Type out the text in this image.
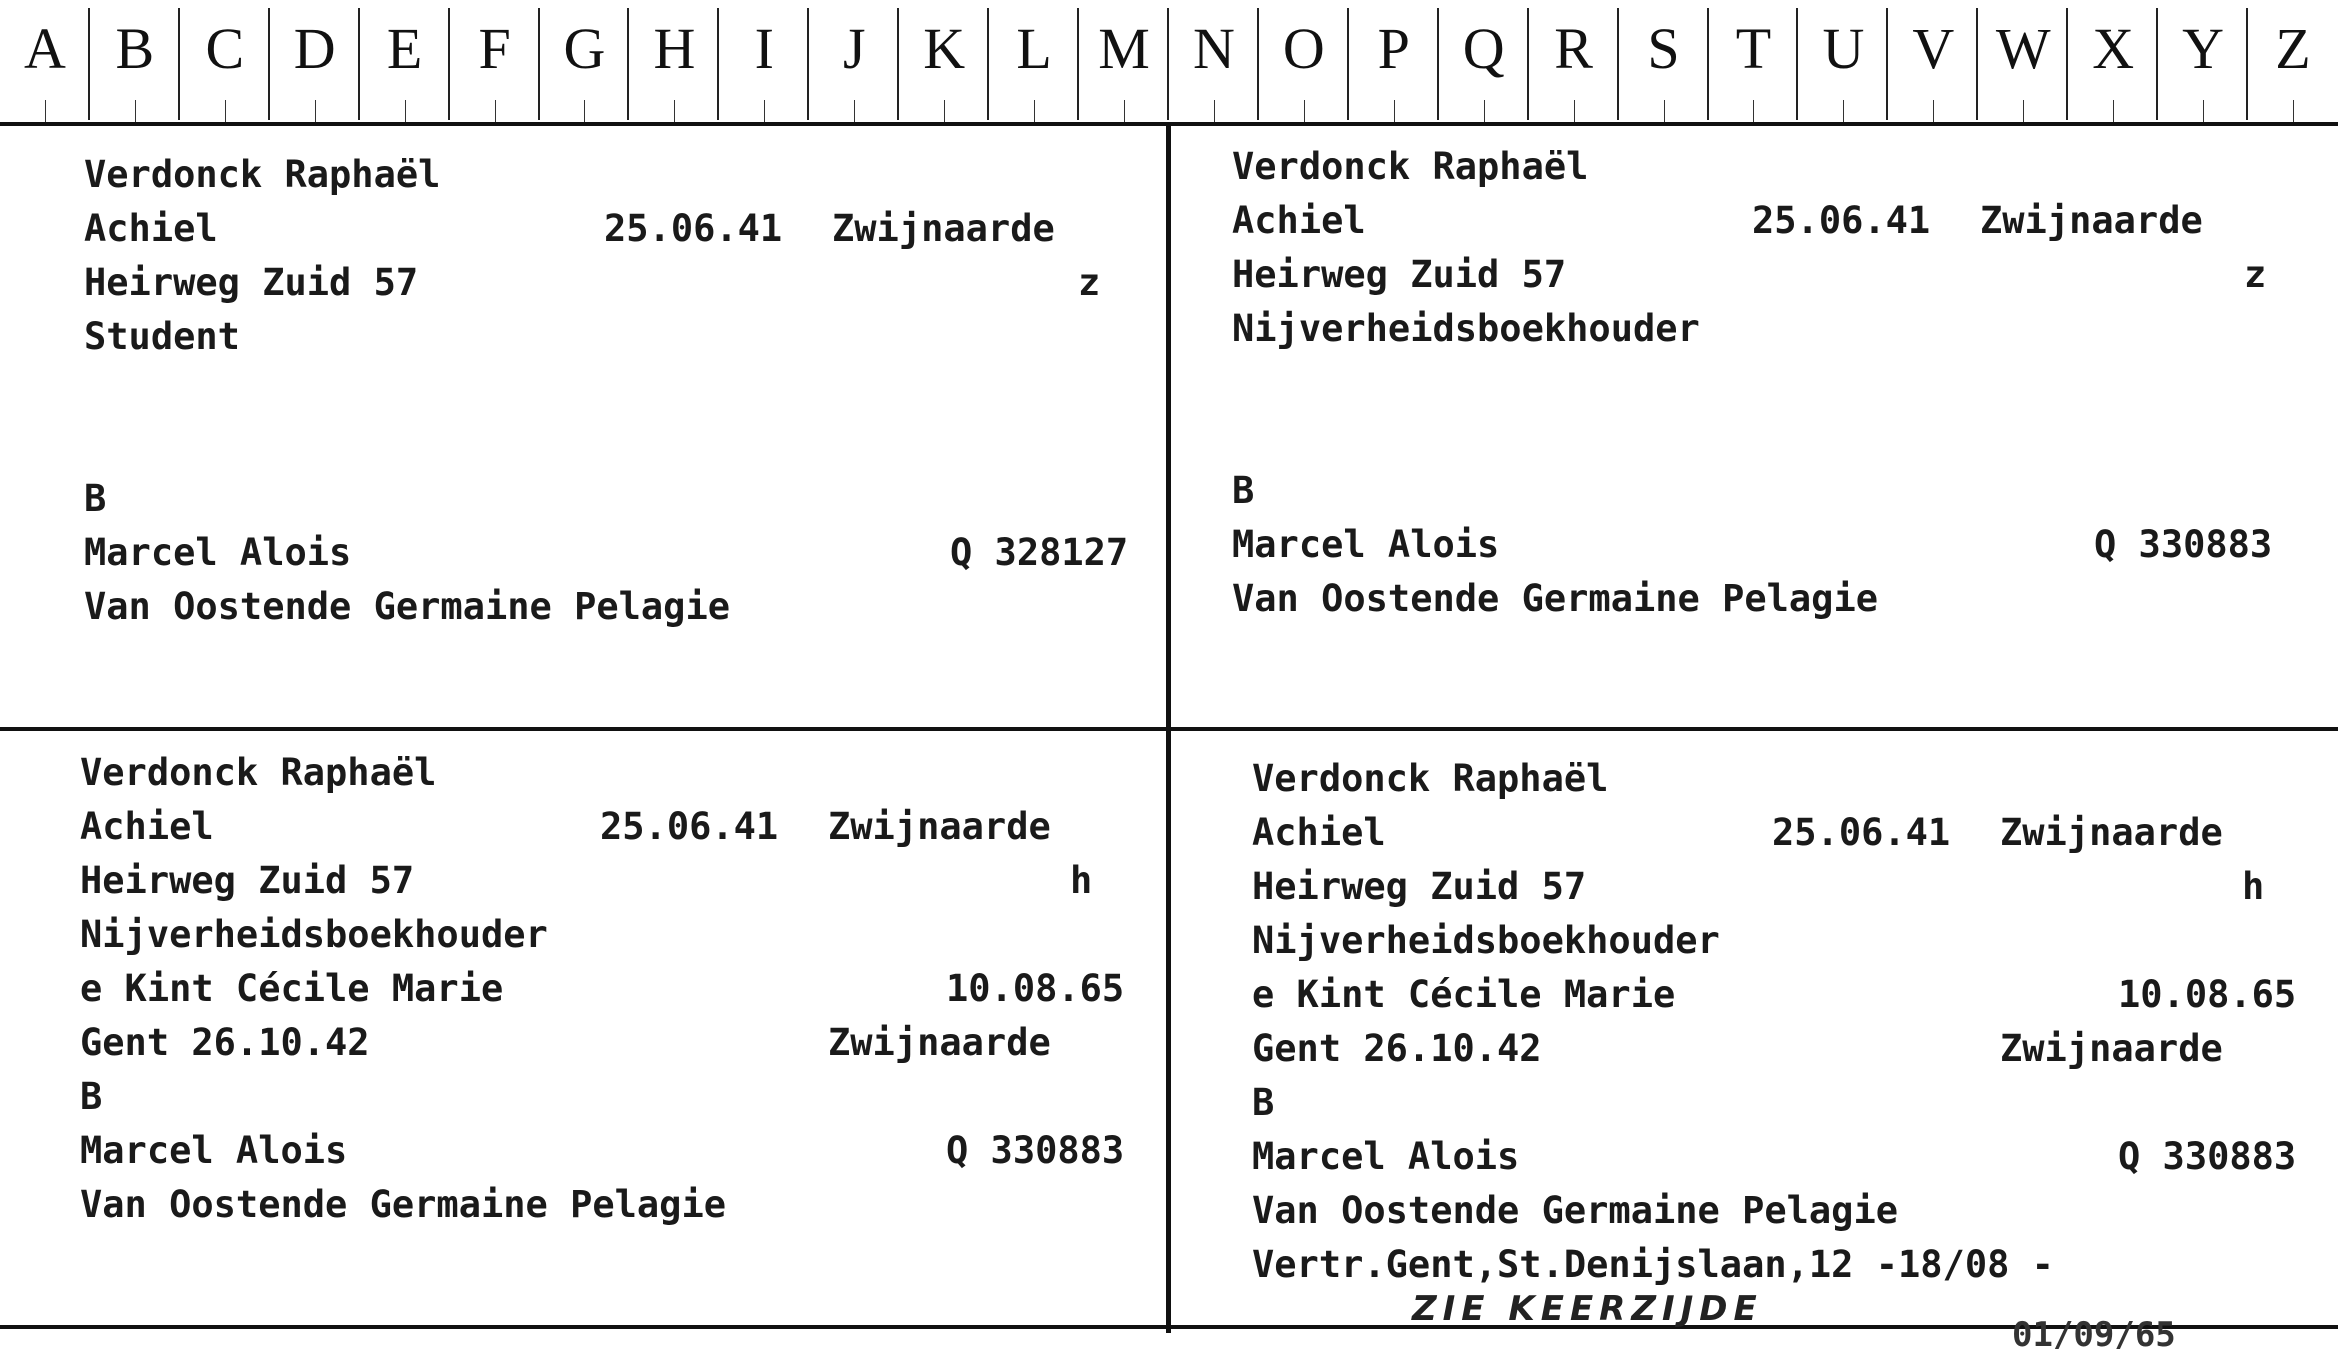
A B C D E F G H	I	J K L M N O P Q R S T U V W X Y Z
Verdonck Raphaël
Achiel	25.06.41 Zwijnaarde
Heirweg Zuid 57	z
Student
B
Marcel Alois	Q 328127
Van Oostende Germaine Pelagie
Verdonck Raphaël
Achiel	25.06.41 Zwijnaarde
Heirweg Zuid 57	z
Nijverheidsboekhouder
B
Marcel Alois	Q 330883
Van Oostende Germaine Pelagie
Verdonck Raphaël
Achiel	25.06.41 Zwijnaarde
Heirweg Zuid 57	h
Nijverheidsboekhouder
e Kint Cécile Marie	10.08.65
Gent 26.10.42	Zwijnaarde
B
Marcel Alois	Q 330883
Van Oostende Germaine Pelagie
Verdonck Raphaël
Achiel	25.06.41 Zwijnaarde
Heirweg Zuid 57	h
Nijverheidsboekhouder
e Kint Cécile Marie	10.08.65
Gent 26.10.42	Zwijnaarde
B
Marcel Alois	Q 330883
Van Oostende Germaine Pelagie
Vertr.Gent,St.Denijslaan,12 -18/08 -
ZIE KEERZIJDE
01/09/65
